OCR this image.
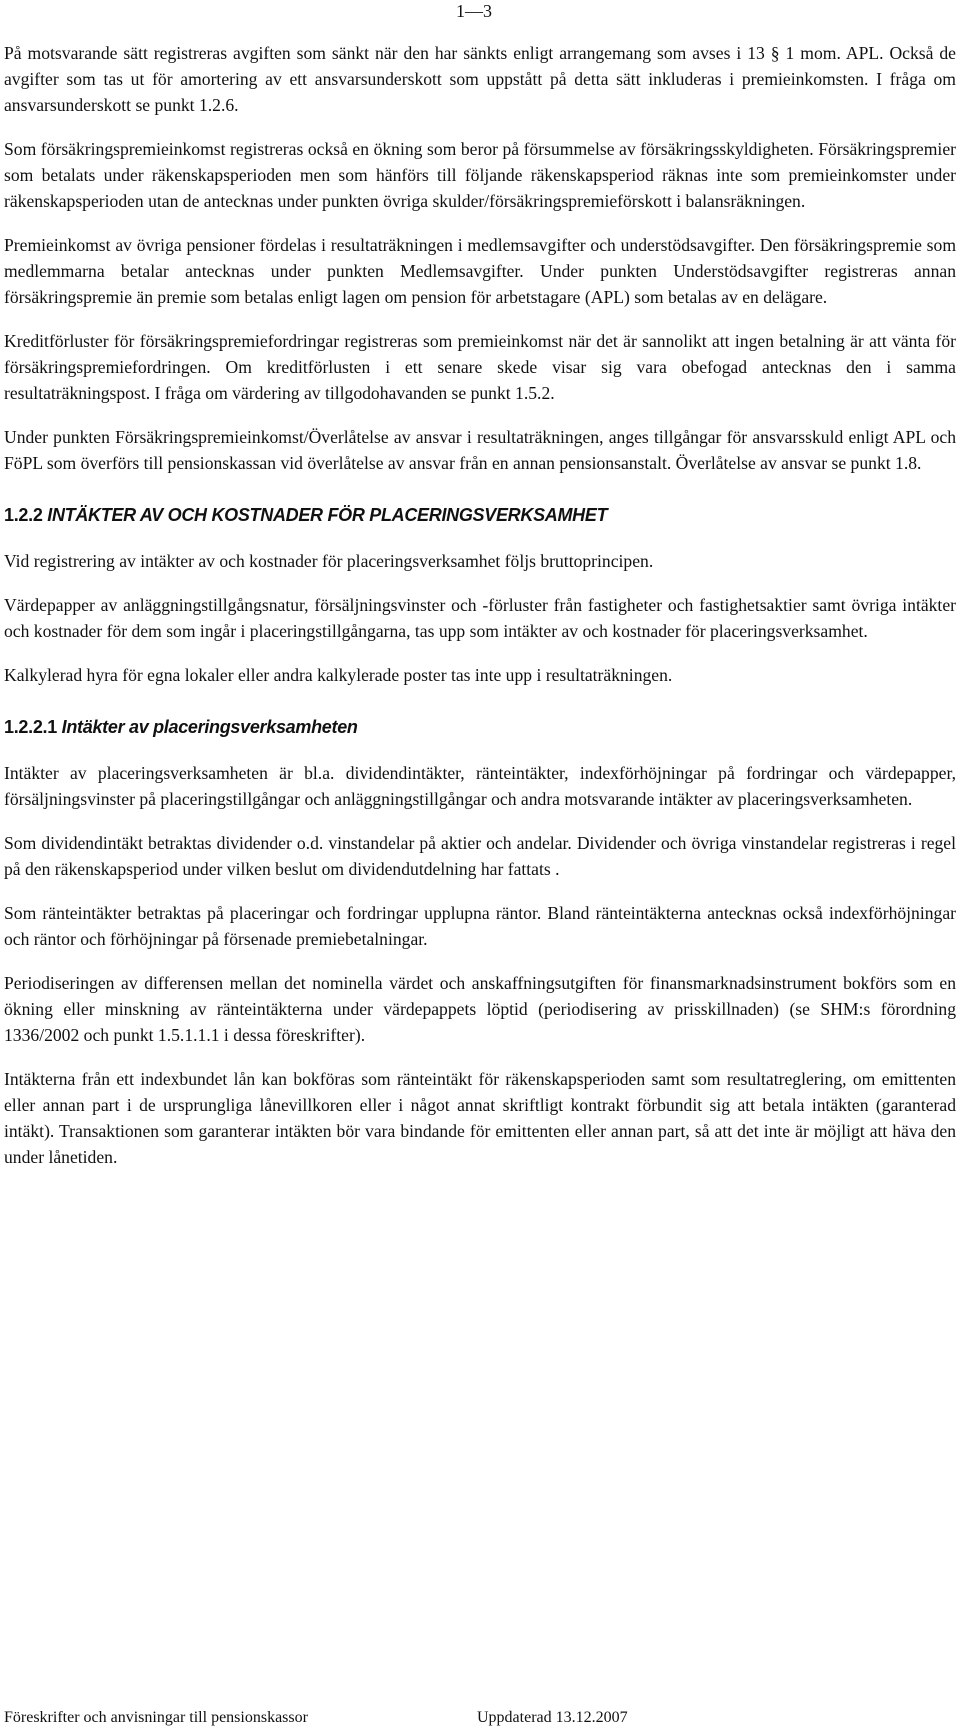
1—3

På motsvarande sätt registreras avgiften som sänkt när den har sänkts enligt arrangemang som avses i 13 § 1 mom. APL. Också de avgifter som tas ut för amortering av ett ansvarsunderskott som uppstått på detta sätt inkluderas i premieinkomsten. I fråga om ansvarsunderskott se punkt 1.2.6.

Som försäkringspremieinkomst registreras också en ökning som beror på försummelse av försäkringsskyldigheten. Försäkringspremier som betalats under räkenskapsperioden men som hänförs till följande räkenskapsperiod räknas inte som premieinkomster under räkenskapsperioden utan de antecknas under punkten övriga skulder/försäkringspremieförskott i balansräkningen.

Premieinkomst av övriga pensioner fördelas i resultaträkningen i medlemsavgifter och understödsavgifter. Den försäkringspremie som medlemmarna betalar antecknas under punkten Medlemsavgifter. Under punkten Understödsavgifter registreras annan försäkringspremie än premie som betalas enligt lagen om pension för arbetstagare (APL) som betalas av en delägare.

Kreditförluster för försäkringspremiefordringar registreras som premieinkomst när det är sannolikt att ingen betalning är att vänta för försäkringspremiefordringen. Om kreditförlusten i ett senare skede visar sig vara obefogad antecknas den i samma resultaträkningspost. I fråga om värdering av tillgodohavanden se punkt 1.5.2.

Under punkten Försäkringspremieinkomst/Överlåtelse av ansvar i resultaträkningen, anges tillgångar för ansvarsskuld enligt APL och FöPL som överförs till pensionskassan vid överlåtelse av ansvar från en annan pensionsanstalt. Överlåtelse av ansvar se punkt 1.8.

1.2.2 INTÄKTER AV OCH KOSTNADER FÖR PLACERINGSVERKSAMHET

Vid registrering av intäkter av och kostnader för placeringsverksamhet följs bruttoprincipen.

Värdepapper av anläggningstillgångsnatur, försäljningsvinster och -förluster från fastigheter och fastighetsaktier samt övriga intäkter och kostnader för dem som ingår i placeringstillgångarna, tas upp som intäkter av och kostnader för placeringsverksamhet.

Kalkylerad hyra för egna lokaler eller andra kalkylerade poster tas inte upp i resultaträkningen.

1.2.2.1 Intäkter av placeringsverksamheten

Intäkter av placeringsverksamheten är bl.a. dividendintäkter, ränteintäkter, indexförhöjningar på fordringar och värdepapper, försäljningsvinster på placeringstillgångar och anläggningstillgångar och andra motsvarande intäkter av placeringsverksamheten.

Som dividendintäkt betraktas dividender o.d. vinstandelar på aktier och andelar. Dividender och övriga vinstandelar registreras i regel på den räkenskapsperiod under vilken beslut om dividendutdelning har fattats .

Som ränteintäkter betraktas på placeringar och fordringar upplupna räntor. Bland ränteintäkterna antecknas också indexförhöjningar och räntor och förhöjningar på försenade premiebetalningar.

Periodiseringen av differensen mellan det nominella värdet och anskaffningsutgiften för finansmarknadsinstrument bokförs som en ökning eller minskning av ränteintäkterna under värdepappets löptid (periodisering av prisskillnaden) (se SHM:s förordning 1336/2002 och punkt 1.5.1.1.1 i dessa föreskrifter).

Intäkterna från ett indexbundet lån kan bokföras som ränteintäkt för räkenskapsperioden samt som resultatreglering, om emittenten eller annan part i de ursprungliga lånevillkoren eller i något annat skriftligt kontrakt förbundit sig att betala intäkten (garanterad intäkt). Transaktionen som garanterar intäkten bör vara bindande för emittenten eller annan part, så att det inte är möjligt att häva den under lånetiden.

Föreskrifter och anvisningar till pensionskassor	Uppdaterad 13.12.2007
